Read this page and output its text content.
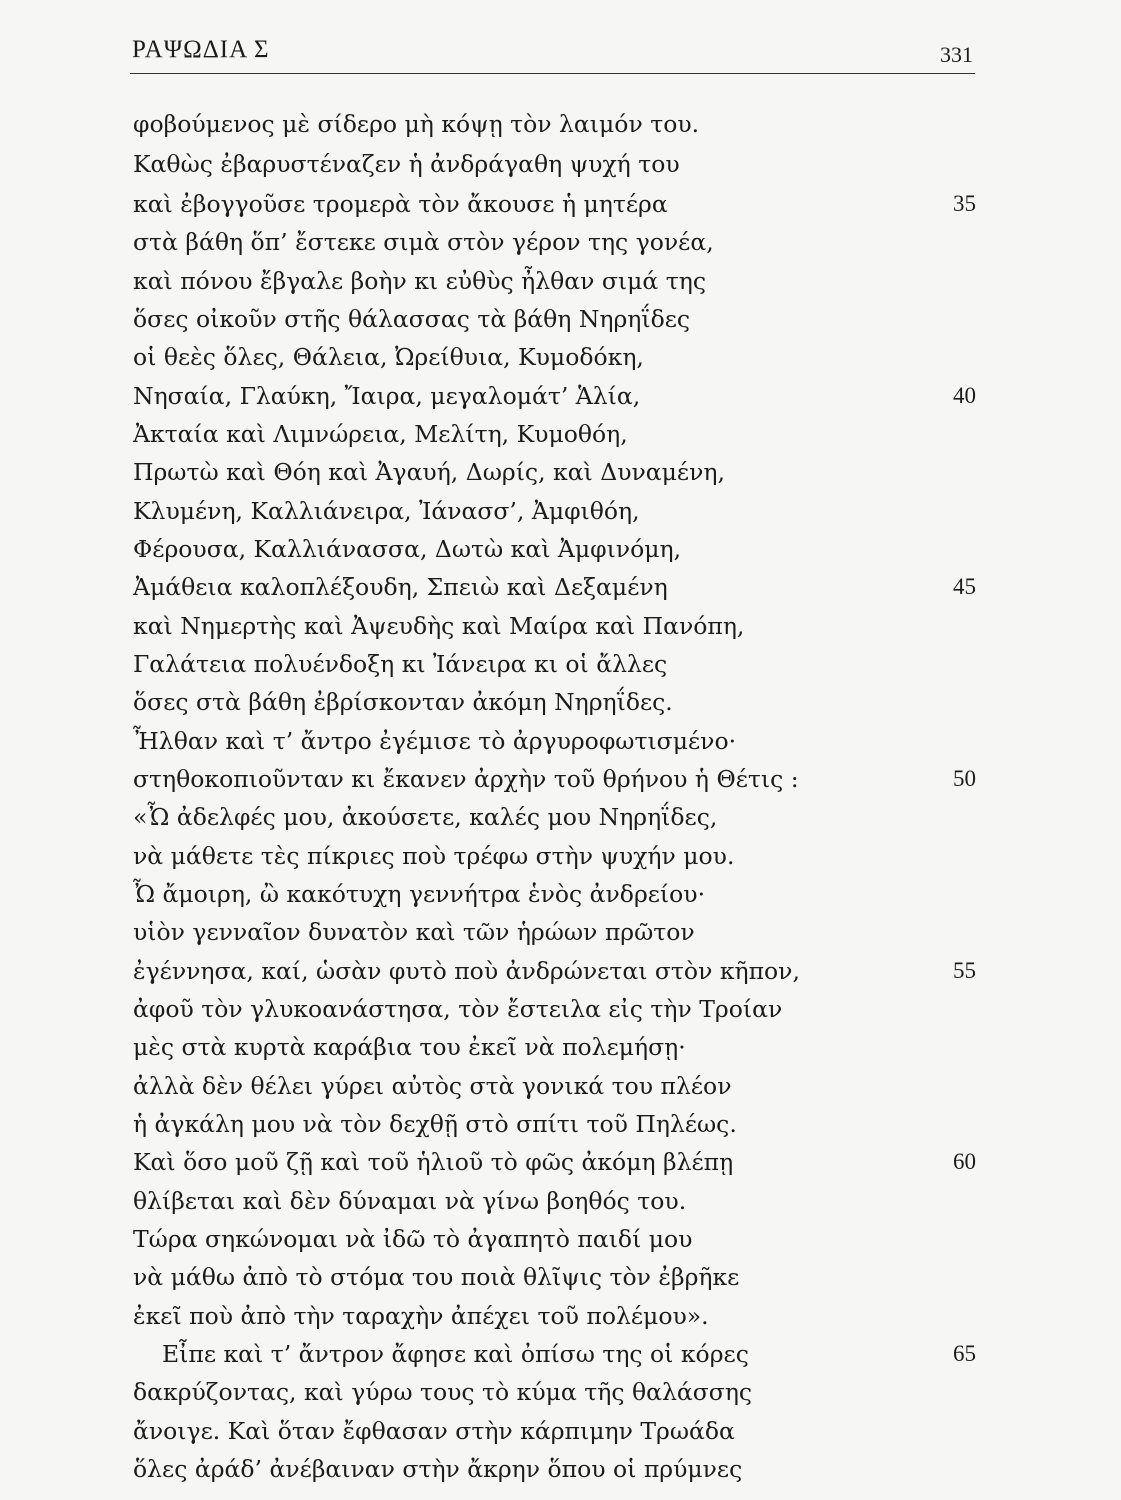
ΡΑΨΩΔΙΑ Σ	331
φοβούμενος μὲ σίδερο μὴ κόψῃ τὸν λαιμόν του.
Καθὼς ἐβαρυστέναζεν ἡ ἀνδράγαθη ψυχή του
καὶ ἐβογγοῦσε τρομερὰ τὸν ἄκουσε ἡ μητέρα
στὰ βάθη ὅπ’ ἔστεκε σιμὰ στὸν γέρον της γονέα,
καὶ πόνου ἔβγαλε βοὴν κι εὐθὺς ἦλθαν σιμά της
ὅσες οἰκοῦν στῆς θάλασσας τὰ βάθη Νηρηΐδες
οἱ θεὲς ὅλες, Θάλεια, Ὠρείθυια, Κυμοδόκη,
Νησαία, Γλαύκη, Ἴαιρα, μεγαλομάτ’ Ἁλία,
Ἀκταία καὶ Λιμνώρεια, Μελίτη, Κυμοθόη,
Πρωτὼ καὶ Θόη καὶ Ἀγαυή, Δωρίς, καὶ Δυναμένη,
Κλυμένη, Καλλιάνειρα, Ἰάνασσ’, Ἀμφιθόη,
Φέρουσα, Καλλιάνασσα, Δωτὼ καὶ Ἀμφινόμη,
Ἀμάθεια καλοπλέξουδη, Σπειὼ καὶ Δεξαμένη
καὶ Νημερτὴς καὶ Ἀψευδὴς καὶ Μαίρα καὶ Πανόπη,
Γαλάτεια πολυένδοξη κι Ἰάνειρα κι οἱ ἄλλες
ὅσες στὰ βάθη ἐβρίσκονταν ἀκόμη Νηρηΐδες.
Ἦλθαν καὶ τ’ ἄντρο ἐγέμισε τὸ ἀργυροφωτισμένο·
στηθοκοπιοῦνταν κι ἔκανεν ἀρχὴν τοῦ θρήνου ἡ Θέτις :
«Ὦ ἀδελφές μου, ἀκούσετε, καλές μου Νηρηΐδες,
νὰ μάθετε τὲς πίκριες ποὺ τρέφω στὴν ψυχήν μου.
Ὦ ἄμοιρη, ὢ κακότυχη γεννήτρα ἑνὸς ἀνδρείου·
υἱὸν γενναῖον δυνατὸν καὶ τῶν ἡρώων πρῶτον
ἐγέννησα, καί, ὡσὰν φυτὸ ποὺ ἀνδρώνεται στὸν κῆπον,
ἀφοῦ τὸν γλυκοανάστησα, τὸν ἔστειλα εἰς τὴν Τροίαν
μὲς στὰ κυρτὰ καράβια του ἐκεῖ νὰ πολεμήσῃ·
ἀλλὰ δὲν θέλει γύρει αὐτὸς στὰ γονικά του πλέον
ἡ ἀγκάλη μου νὰ τὸν δεχθῇ στὸ σπίτι τοῦ Πηλέως.
Καὶ ὅσο μοῦ ζῇ καὶ τοῦ ἡλιοῦ τὸ φῶς ἀκόμη βλέπῃ
θλίβεται καὶ δὲν δύναμαι νὰ γίνω βοηθός του.
Τώρα σηκώνομαι νὰ ἰδῶ τὸ ἀγαπητὸ παιδί μου
νὰ μάθω ἀπὸ τὸ στόμα του ποιὰ θλῖψις τὸν ἐβρῆκε
ἐκεῖ ποὺ ἀπὸ τὴν ταραχὴν ἀπέχει τοῦ πολέμου».
Εἶπε καὶ τ’ ἄντρον ἄφησε καὶ ὀπίσω της οἱ κόρες
δακρύζοντας, καὶ γύρω τους τὸ κύμα τῆς θαλάσσης
ἄνοιγε. Καὶ ὅταν ἔφθασαν στὴν κάρπιμην Τρωάδα
ὅλες ἀράδ’ ἀνέβαιναν στὴν ἄκρην ὅπου οἱ πρύμνες
35
40
45
50
55
60
65
